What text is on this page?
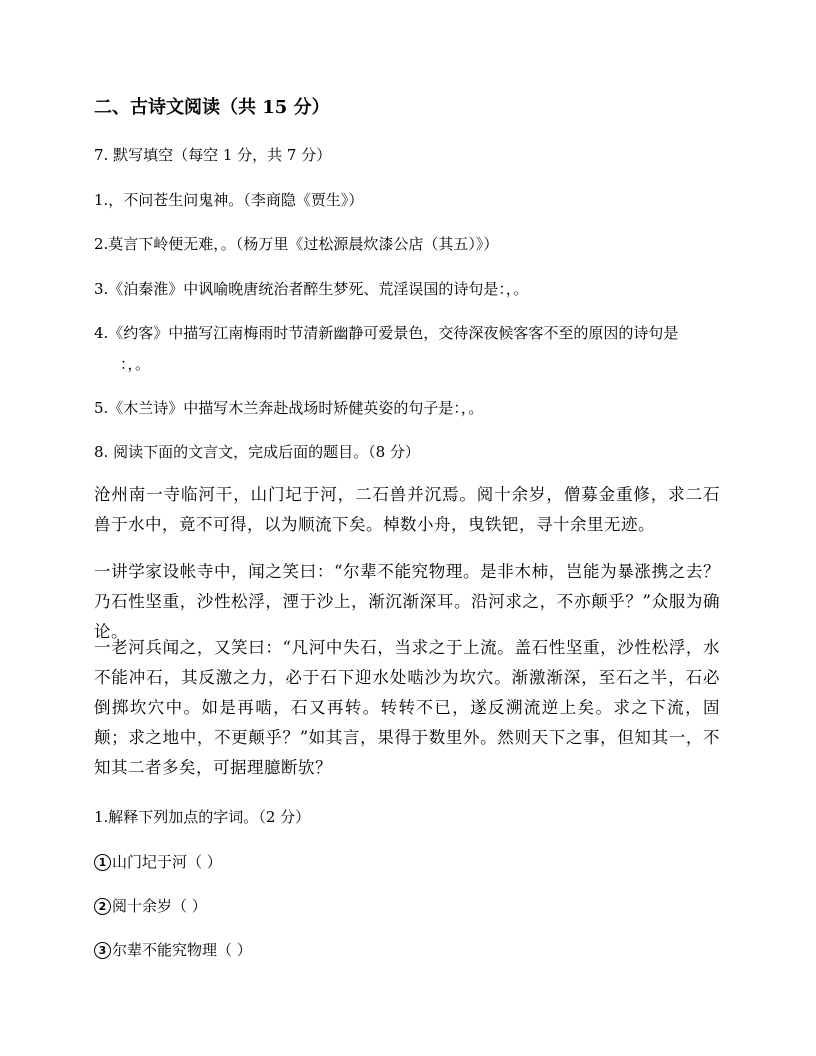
二、古诗文阅读（共 15 分）
7. 默写填空（每空 1 分，共 7 分）
1.，不问苍生问鬼神。（李商隐《贾生》）
2.莫言下岭便无难，。（杨万里《过松源晨炊漆公店（其五）》）
3.《泊秦淮》中讽喻晚唐统治者醉生梦死、荒淫误国的诗句是：，。
4.《约客》中描写江南梅雨时节清新幽静可爱景色，交待深夜候客客不至的原因的诗句是
：，。
5.《木兰诗》中描写木兰奔赴战场时矫健英姿的句子是：，。
8. 阅读下面的文言文，完成后面的题目。（8 分）
沧州南一寺临河干，山门圮于河，二石兽并沉焉。阅十余岁，僧募金重修，求二石兽于水中，竟不可得，以为顺流下矣。棹数小舟，曳铁钯，寻十余里无迹。
一讲学家设帐寺中，闻之笑曰：“尔辈不能究物理。是非木柿，岂能为暴涨携之去？乃石性坚重，沙性松浮，湮于沙上，渐沉渐深耳。沿河求之，不亦颠乎？”众服为确论。
一老河兵闻之，又笑曰：“凡河中失石，当求之于上流。盖石性坚重，沙性松浮，水不能冲石，其反激之力，必于石下迎水处啮沙为坎穴。渐激渐深，至石之半，石必倒掷坎穴中。如是再啮，石又再转。转转不已，遂反溯流逆上矣。求之下流，固颠；求之地中，不更颠乎？”如其言，果得于数里外。然则天下之事，但知其一，不知其二者多矣，可据理臆断欤？
1.解释下列加点的字词。（2 分）
1 山门圮于河（ ）
2 阅十余岁（ ）
3 尔辈不能究物理（ ）
